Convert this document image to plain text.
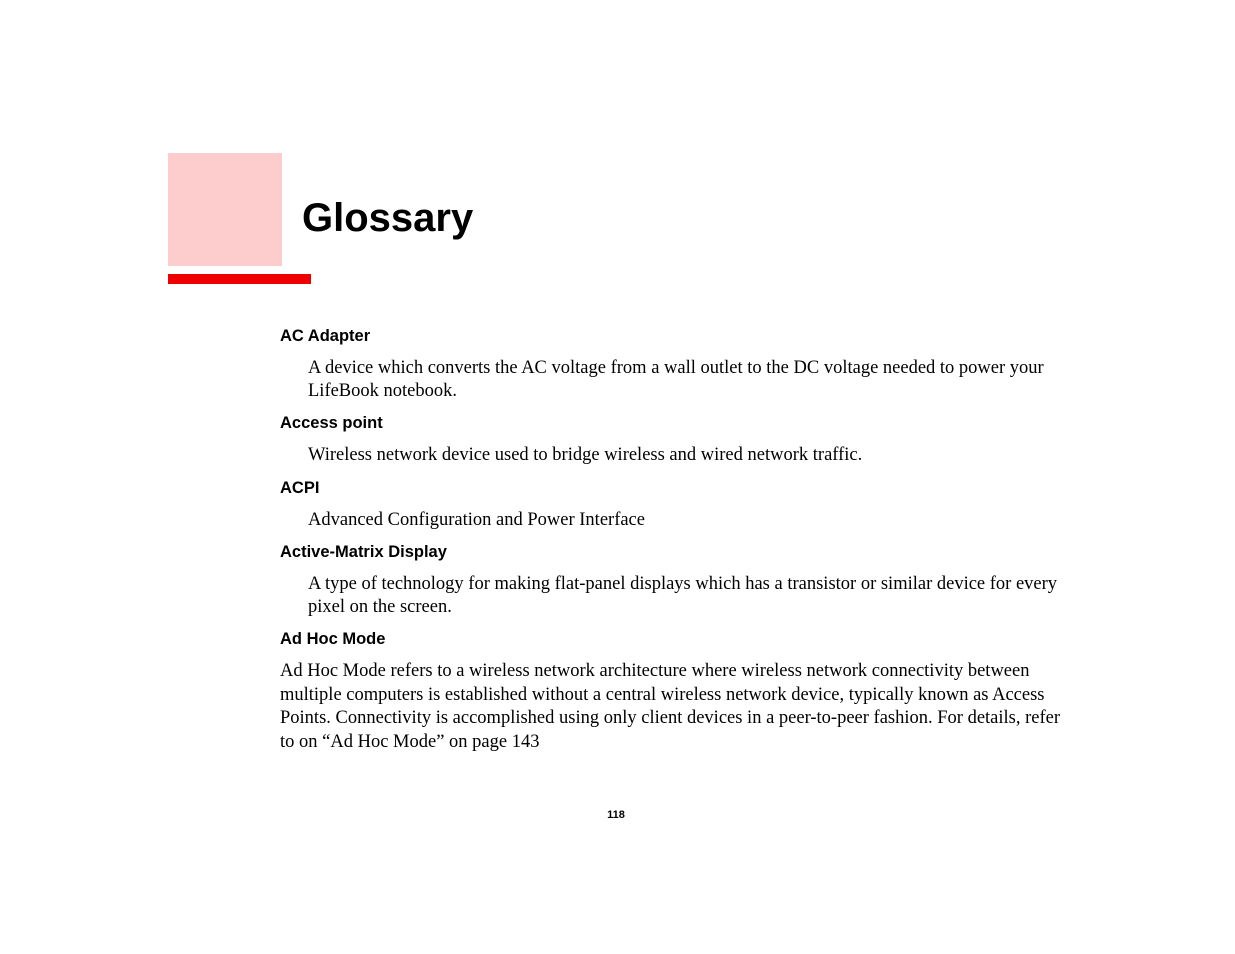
Glossary
AC Adapter
A device which converts the AC voltage from a wall outlet to the DC voltage needed to power your LifeBook notebook.
Access point
Wireless network device used to bridge wireless and wired network traffic.
ACPI
Advanced Configuration and Power Interface
Active-Matrix Display
A type of technology for making flat-panel displays which has a transistor or similar device for every pixel on the screen.
Ad Hoc Mode
Ad Hoc Mode refers to a wireless network architecture where wireless network connectivity between multiple computers is established without a central wireless network device, typically known as Access Points. Connectivity is accomplished using only client devices in a peer-to-peer fashion. For details, refer to on “Ad Hoc Mode” on page 143
118
